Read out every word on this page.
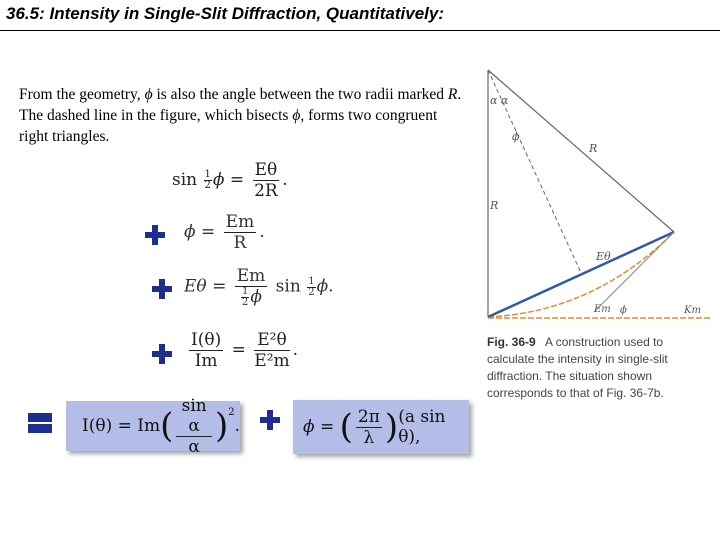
36.5: Intensity in Single-Slit Diffraction, Quantitatively:

From the geometry, ϕ is also the angle between the two radii marked R. The dashed line in the figure, which bisects ϕ, forms two congruent right triangles.

$\sin \frac{1}{2}$ $\phi = \frac{E\theta}{2R}$ .
$\phi = \frac{Em}{R}$ .
$E\theta = \frac{Em}{\frac{1}{2} \phi}$ $\sin \frac{1}{2} \phi$.
$\frac{I(\theta)}{Im} = \frac{\text{E²θ}}{\text{E²m}}$ .
I(θ)
=
Im ( $\frac{\text{sin α}}{\alpha} )^2$
.	ϕ
=
( $\frac{2\pi}{\lambda}$ ) (a sin θ),
α α
ϕ
R
R
Eθ
Em ϕ	Km

Fig. 36-9 A construction used to calculate the intensity in single-slit diffraction. The situation shown corresponds to that of Fig. 36-7b.
